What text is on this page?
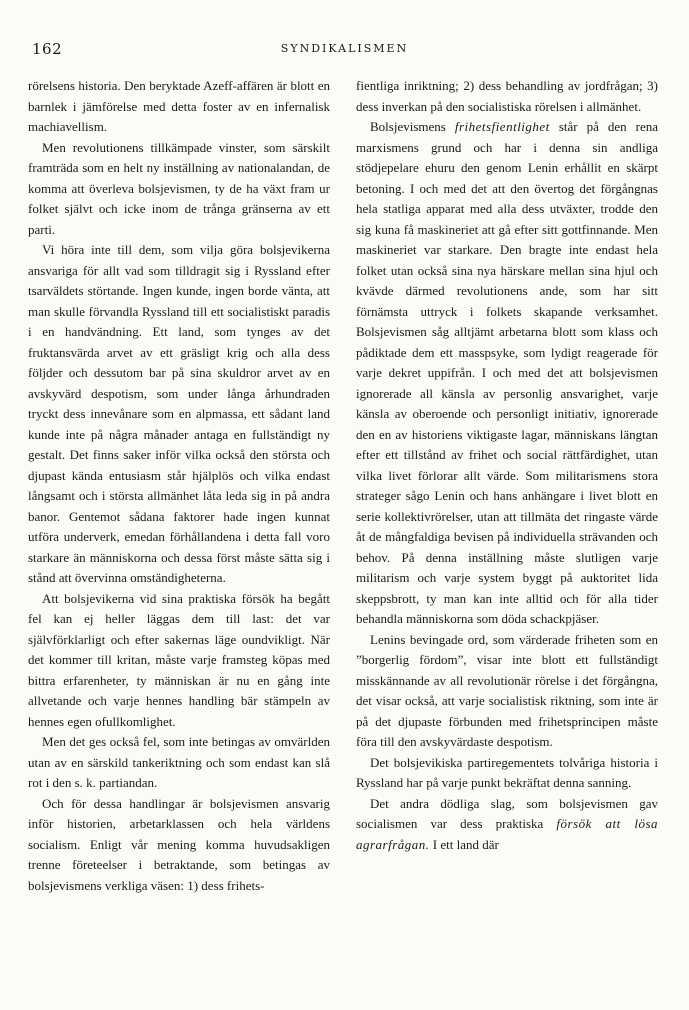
162	SYNDIKALISMEN

rörelsens historia. Den beryktade Azeff-affären är blott en barnlek i jämförelse med detta foster av en infernalisk machiavellism.

Men revolutionens tillkämpade vinster, som särskilt framträda som en helt ny inställning av nationalandan, de komma att överleva bolsjevismen, ty de ha växt fram ur folket självt och icke inom de trånga gränserna av ett parti.

Vi höra inte till dem, som vilja göra bolsjevikerna ansvariga för allt vad som tilldragit sig i Ryssland efter tsarväldets störtande. Ingen kunde, ingen borde vänta, att man skulle förvandla Ryssland till ett socialistiskt paradis i en handvändning. Ett land, som tynges av det fruktansvärda arvet av ett gräsligt krig och alla dess följder och dessutom bar på sina skuldror arvet av en avskyvärd despotism, som under långa århundraden tryckt dess innevånare som en alpmassa, ett sådant land kunde inte på några månader antaga en fullständigt ny gestalt. Det finns saker inför vilka också den största och djupast kända entusiasm står hjälplös och vilka endast långsamt och i största allmänhet låta leda sig in på andra banor. Gentemot sådana faktorer hade ingen kunnat utföra underverk, emedan förhållandena i detta fall voro starkare än människorna och dessa först måste sätta sig i stånd att övervinna omständigheterna.

Att bolsjevikerna vid sina praktiska försök ha begått fel kan ej heller läggas dem till last: det var självförklarligt och efter sakernas läge oundvikligt. När det kommer till kritan, måste varje framsteg köpas med bittra erfarenheter, ty människan är nu en gång inte allvetande och varje hennes handling bär stämpeln av hennes egen ofullkomlighet.

Men det ges också fel, som inte betingas av omvärlden utan av en särskild tankeriktning och som endast kan slå rot i den s. k. partiandan.

Och för dessa handlingar är bolsjevismen ansvarig inför historien, arbetarklassen och hela världens socialism. Enligt vår mening komma huvudsakligen trenne företeelser i betraktande, som betingas av bolsjevismens verkliga väsen: 1) dess frihets-

fientliga inriktning; 2) dess behandling av jordfrågan; 3) dess inverkan på den socialistiska rörelsen i allmänhet.

Bolsjevismens frihetsfientlighet står på den rena marxismens grund och har i denna sin andliga stödjepelare ehuru den genom Lenin erhållit en skärpt betoning. I och med det att den övertog det förgångnas hela statliga apparat med alla dess utväxter, trodde den sig kuna få maskineriet att gå efter sitt gottfinnande. Men maskineriet var starkare. Den bragte inte endast hela folket utan också sina nya härskare mellan sina hjul och kvävde därmed revolutionens ande, som har sitt förnämsta uttryck i folkets skapande verksamhet. Bolsjevismen såg alltjämt arbetarna blott som klass och pådiktade dem ett masspsyke, som lydigt reagerade för varje dekret uppifrån. I och med det att bolsjevismen ignorerade all känsla av personlig ansvarighet, varje känsla av oberoende och personligt initiativ, ignorerade den en av historiens viktigaste lagar, människans längtan efter ett tillstånd av frihet och social rättfärdighet, utan vilka livet förlorar allt värde. Som militarismens stora strateger sågo Lenin och hans anhängare i livet blott en serie kollektivrörelser, utan att tillmäta det ringaste värde åt de mångfaldiga bevisen på individuella strävanden och behov. På denna inställning måste slutligen varje militarism och varje system byggt på auktoritet lida skeppsbrott, ty man kan inte alltid och för alla tider behandla människorna som döda schackpjäser.

Lenins bevingade ord, som värderade friheten som en ”borgerlig fördom”, visar inte blott ett fullständigt misskännande av all revolutionär rörelse i det förgångna, det visar också, att varje socialistisk riktning, som inte är på det djupaste förbunden med frihetsprincipen måste föra till den avskyvärdaste despotism.

Det bolsjevikiska partiregementets tolvåriga historia i Ryssland har på varje punkt bekräftat denna sanning.

Det andra dödliga slag, som bolsjevismen gav socialismen var dess praktiska försök att lösa agrarfrågan. I ett land där
